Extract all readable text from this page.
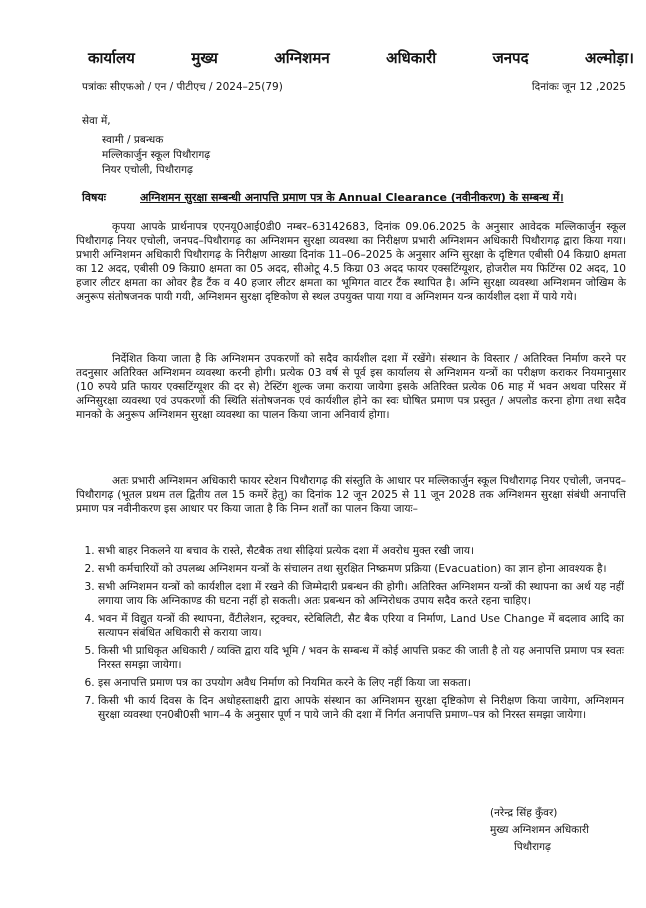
कार्यालय	मुख्य	अग्निशमन	अधिकारी	जनपद	अल्मोड़ा।
पत्रांकः सीएफओ / एन / पीटीएच / 2024–25(79)	दिनांकः जून 12 ,2025
सेवा में,
स्वामी / प्रबन्धक
मल्लिकार्जुन स्कूल पिथौरागढ़
नियर एचोली, पिथौरागढ़
विषयः	अग्निशमन सुरक्षा सम्बन्धी अनापत्ति प्रमाण पत्र के Annual Clearance (नवीनीकरण) के सम्बन्ध में।

कृपया आपके प्रार्थनापत्र एएनयू0आई0डी0 नम्बर–63142683, दिनांक 09.06.2025 के अनुसार आवेदक मल्लिकार्जुन स्कूल पिथौरागढ़ नियर एचोली, जनपद–पिथौरागढ़ का अग्निशमन सुरक्षा व्यवस्था का निरीक्षण प्रभारी अग्निशमन अधिकारी पिथौरागढ़ द्वारा किया गया। प्रभारी अग्निशमन अधिकारी पिथौरागढ़ के निरीक्षण आख्या दिनांक 11–06–2025 के अनुसार अग्नि सुरक्षा के दृष्टिगत एबीसी 04 किग्रा0 क्षमता का 12 अदद, एबीसी 09 किग्रा0 क्षमता का 05 अदद, सीओटू 4.5 किग्रा 03 अदद फायर एक्सटिंग्यूशर, होजरील मय फिटिंग्स 02 अदद, 10 हजार लीटर क्षमता का ओवर हैड टैंक व 40 हजार लीटर क्षमता का भूमिगत वाटर टैंक स्थापित है। अग्नि सुरक्षा व्यवस्था अग्निशमन जोखिम के अनुरूप संतोषजनक पायी गयी, अग्निशमन सुरक्षा दृष्टिकोण से स्थल उपयुक्त पाया गया व अग्निशमन यन्त्र कार्यशील दशा में पाये गये।

निर्देशित किया जाता है कि अग्निशमन उपकरणों को सदैव कार्यशील दशा में रखेंगे। संस्थान के विस्तार / अतिरिक्त निर्माण करने पर तदनुसार अतिरिक्त अग्निशमन व्यवस्था करनी होगी। प्रत्येक 03 वर्ष से पूर्व इस कार्यालय से अग्निशमन यन्त्रों का परीक्षण कराकर नियमानुसार (10 रुपये प्रति फायर एक्सटिंग्यूशर की दर से) टेस्टिंग शुल्क जमा कराया जायेगा इसके अतिरिक्त प्रत्येक 06 माह में भवन अथवा परिसर में अग्निसुरक्षा व्यवस्था एवं उपकरणों की स्थिति संतोषजनक एवं कार्यशील होने का स्वः घोषित प्रमाण पत्र प्रस्तुत / अपलोड करना होगा तथा सदैव मानको के अनुरूप अग्निशमन सुरक्षा व्यवस्था का पालन किया जाना अनिवार्य होगा।

अतः प्रभारी अग्निशमन अधिकारी फायर स्टेशन पिथौरागढ़ की संस्तुति के आधार पर मल्लिकार्जुन स्कूल पिथौरागढ़ नियर एचोली, जनपद–पिथौरागढ़ (भूतल प्रथम तल द्वितीय तल 15 कमरें हेतु) का दिनांक 12 जून 2025 से 11 जून 2028 तक अग्निशमन सुरक्षा संबंधी अनापत्ति प्रमाण पत्र नवीनीकरण इस आधार पर किया जाता है कि निम्न शर्तों का पालन किया जायः–

1. सभी बाहर निकलने या बचाव के रास्ते, सैटबैक तथा सीढ़ियां प्रत्येक दशा में अवरोध मुक्त रखी जाय।
2. सभी कर्मचारियों को उपलब्ध अग्निशमन यन्त्रों के संचालन तथा सुरक्षित निष्क्रमण प्रक्रिया (Evacuation) का ज्ञान होना आवश्यक है।
3. सभी अग्निशमन यन्त्रों को कार्यशील दशा में रखने की जिम्मेदारी प्रबन्धन की होगी। अतिरिक्त अग्निशमन यन्त्रों की स्थापना का अर्थ यह नहीं लगाया जाय कि अग्निकाण्ड की घटना नहीं हो सकती। अतः प्रबन्धन को अग्निरोधक उपाय सदैव करते रहना चाहिए।
4. भवन में विद्युत यन्त्रों की स्थापना, वैंटीलेशन, स्ट्रक्चर, स्टेबिलिटी, सैट बैक एरिया व निर्माण, Land Use Change में बदलाव आदि का सत्यापन संबंधित अधिकारी से कराया जाय।
5. किसी भी प्राधिकृत अधिकारी / व्यक्ति द्वारा यदि भूमि / भवन के सम्बन्ध में कोई आपत्ति प्रकट की जाती है तो यह अनापत्ति प्रमाण पत्र स्वतः निरस्त समझा जायेगा।
6. इस अनापत्ति प्रमाण पत्र का उपयोग अवैध निर्माण को नियमित करने के लिए नहीं किया जा सकता।
7. किसी भी कार्य दिवस के दिन अधोहस्ताक्षरी द्वारा आपके संस्थान का अग्निशमन सुरक्षा दृष्टिकोण से निरीक्षण किया जायेगा, अग्निशमन सुरक्षा व्यवस्था एन0बी0सी भाग–4 के अनुसार पूर्ण न पाये जाने की दशा में निर्गत अनापत्ति प्रमाण–पत्र को निरस्त समझा जायेगा।
(नरेन्द्र सिंह कुँवर)
मुख्य अग्निशमन अधिकारी
पिथौरागढ़
